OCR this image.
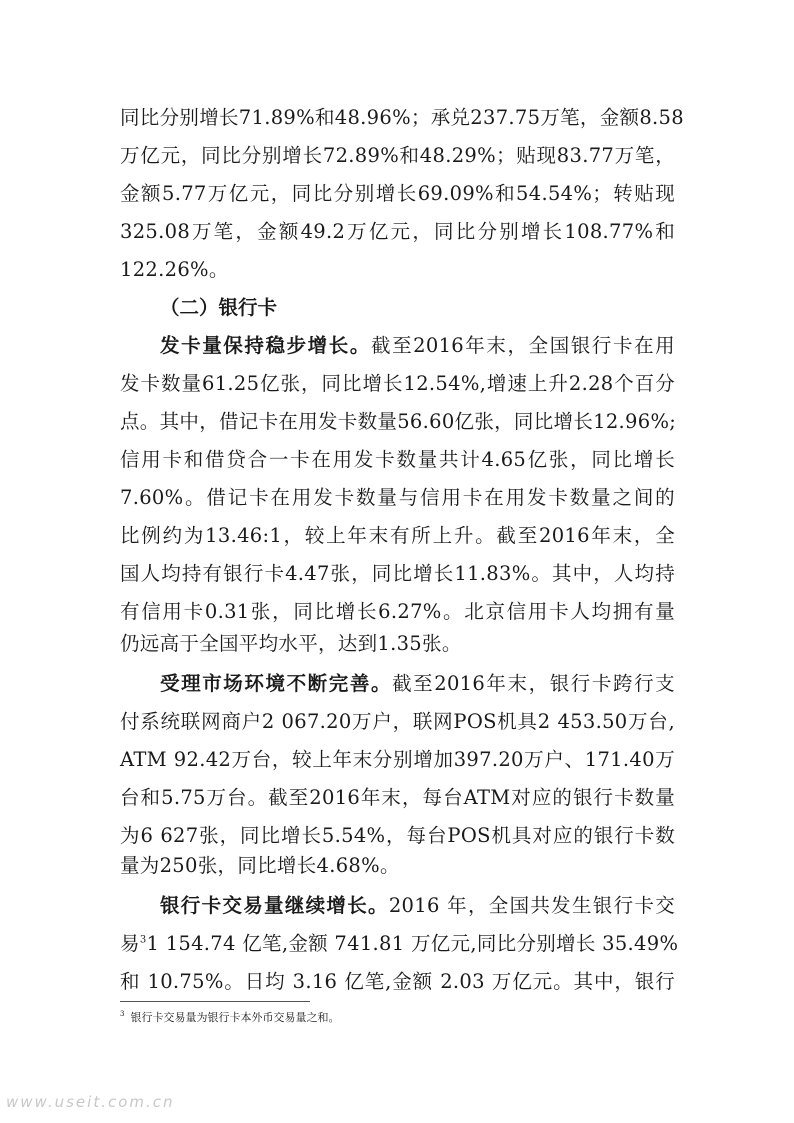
同比分别增长71.89%和48.96%；承兑237.75万笔，金额8.58
万亿元，同比分别增长72.89%和48.29%；贴现83.77万笔，
金额5.77万亿元，同比分别增长69.09%和54.54%；转贴现
325.08万笔，金额49.2万亿元，同比分别增长108.77%和
122.26%。
（二）银行卡
发卡量保持稳步增长。截至2016年末，全国银行卡在用
发卡数量61.25亿张，同比增长12.54%,增速上升2.28个百分
点。其中，借记卡在用发卡数量56.60亿张，同比增长12.96%;
信用卡和借贷合一卡在用发卡数量共计4.65亿张，同比增长
7.60%。借记卡在用发卡数量与信用卡在用发卡数量之间的
比例约为13.46:1，较上年末有所上升。截至2016年末，全
国人均持有银行卡4.47张，同比增长11.83%。其中，人均持
有信用卡0.31张，同比增长6.27%。北京信用卡人均拥有量
仍远高于全国平均水平，达到1.35张。
受理市场环境不断完善。截至2016年末，银行卡跨行支
付系统联网商户2 067.20万户，联网POS机具2 453.50万台,
ATM 92.42万台，较上年末分别增加397.20万户、171.40万
台和5.75万台。截至2016年末，每台ATM对应的银行卡数量
为6 627张，同比增长5.54%，每台POS机具对应的银行卡数
量为250张，同比增长4.68%。
银行卡交易量继续增长。2016 年，全国共发生银行卡交
易$^3$1 154.74 亿笔,金额 741.81 万亿元,同比分别增长 35.49%
和 10.75%。日均 3.16 亿笔,金额 2.03 万亿元。其中，银行
$^3$ 银行卡交易量为银行卡本外币交易量之和。
www.useit.com.cn
